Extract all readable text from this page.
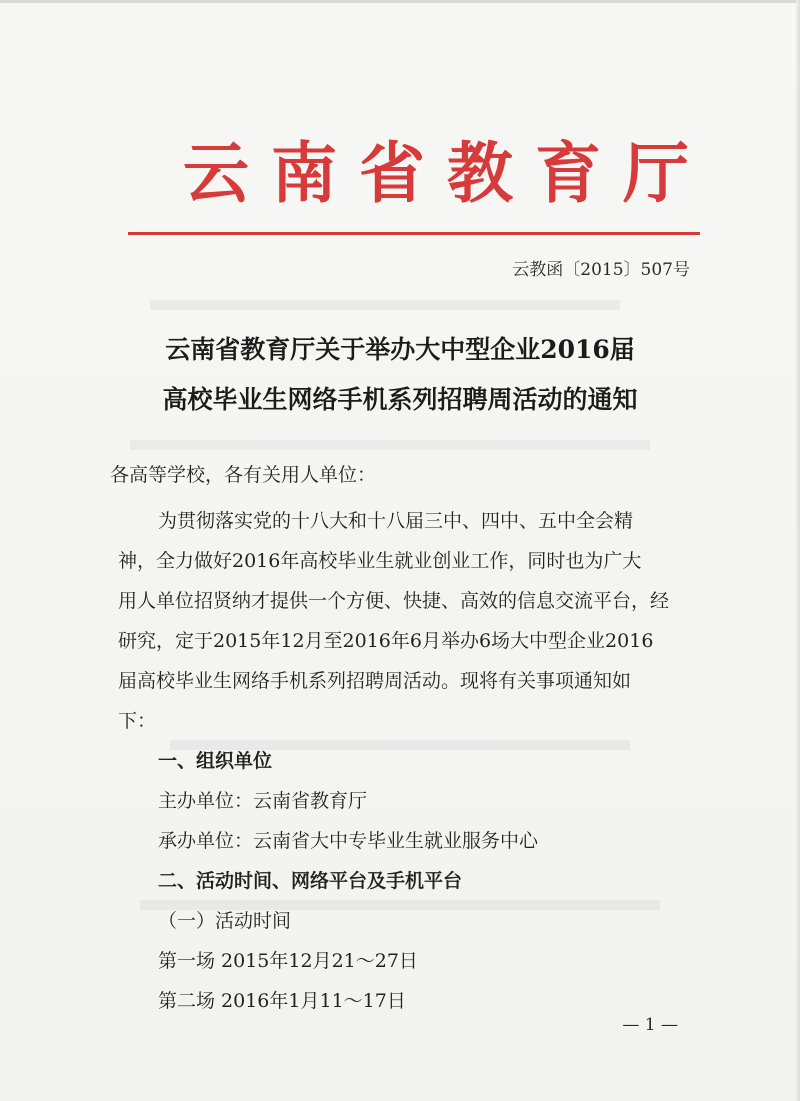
云南省教育厅
云教函〔2015〕507号
云南省教育厅关于举办大中型企业2016届
高校毕业生网络手机系列招聘周活动的通知
各高等学校，各有关用人单位：
为贯彻落实党的十八大和十八届三中、四中、五中全会精
神，全力做好2016年高校毕业生就业创业工作，同时也为广大
用人单位招贤纳才提供一个方便、快捷、高效的信息交流平台，经
研究，定于2015年12月至2016年6月举办6场大中型企业2016
届高校毕业生网络手机系列招聘周活动。现将有关事项通知如
下：
一、组织单位
主办单位：云南省教育厅
承办单位：云南省大中专毕业生就业服务中心
二、活动时间、网络平台及手机平台
（一）活动时间
第一场 2015年12月21～27日
第二场 2016年1月11～17日
— 1 —
